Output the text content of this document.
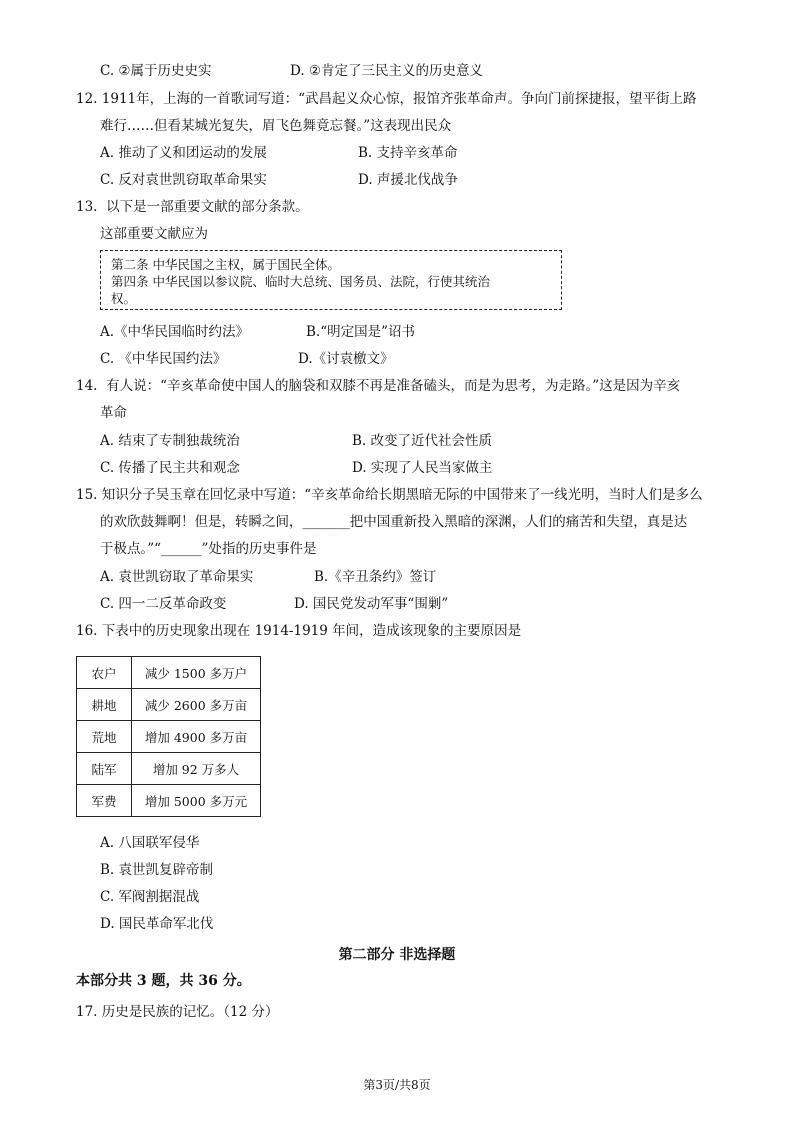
C. ②属于历史史实	D. ②肯定了三民主义的历史意义
12. 1911年，上海的一首歌词写道：“武昌起义众心惊，报馆齐张革命声。争向门前探捷报，望平街上路
难行……但看某城光复失，眉飞色舞竟忘餐。”这表现出民众
A. 推动了义和团运动的发展	B. 支持辛亥革命
C. 反对袁世凯窃取革命果实	D. 声援北伐战争
13. 以下是一部重要文献的部分条款。
这部重要文献应为
第二条 中华民国之主权，属于国民全体。
第四条 中华民国以参议院、临时大总统、国务员、法院，行使其统治
权。
A.《中华民国临时约法》	B.“明定国是”诏书
C. 《中华民国约法》	D.《讨袁檄文》
14. 有人说：“辛亥革命使中国人的脑袋和双膝不再是准备磕头，而是为思考，为走路。”这是因为辛亥
革命
A. 结束了专制独裁统治	B. 改变了近代社会性质
C. 传播了民主共和观念	D. 实现了人民当家做主
15. 知识分子吴玉章在回忆录中写道：“辛亥革命给长期黑暗无际的中国带来了一线光明，当时人们是多么
的欢欣鼓舞啊！但是，转瞬之间，_______把中国重新投入黑暗的深渊，人们的痛苦和失望，真是达
于极点。”“______”处指的历史事件是
A. 袁世凯窃取了革命果实	B.《辛丑条约》签订
C. 四一二反革命政变	D. 国民党发动军事“围剿”
16. 下表中的历史现象出现在 1914-1919 年间，造成该现象的主要原因是
农户	减少 1500 多万户
耕地	减少 2600 多万亩
荒地	增加 4900 多万亩
陆军	增加 92 万多人
军费	增加 5000 多万元
A. 八国联军侵华
B. 袁世凯复辟帝制
C. 军阀割据混战
D. 国民革命军北伐
第二部分 非选择题
本部分共 3 题，共 36 分。
17. 历史是民族的记忆。（12 分）
第3页/共8页
